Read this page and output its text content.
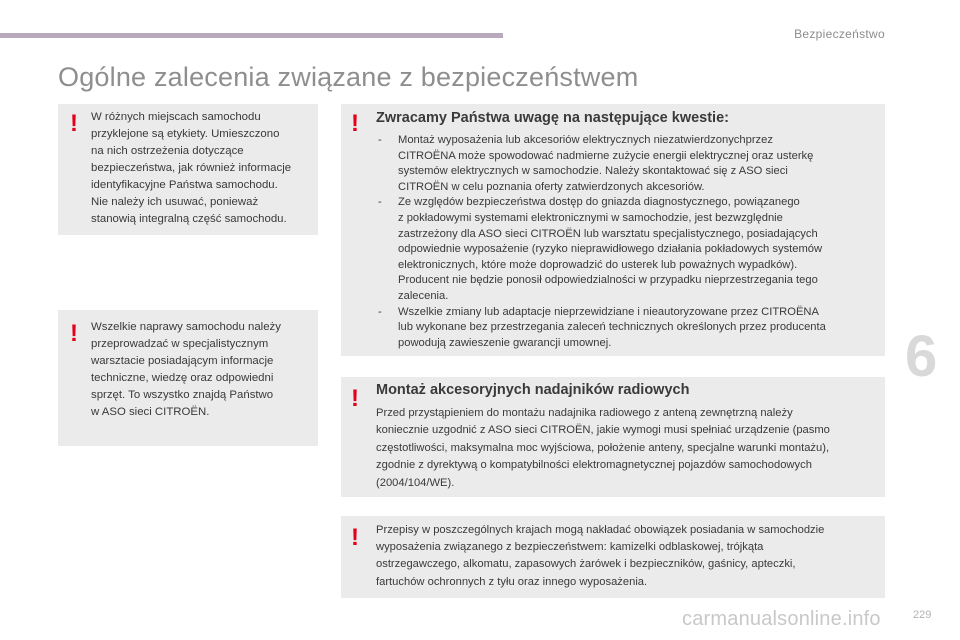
Bezpieczeństwo
Ogólne zalecenia związane z bezpieczeństwem
! W różnych miejscach samochodu
przyklejone są etykiety. Umieszczono
na nich ostrzeżenia dotyczące
bezpieczeństwa, jak również informacje
identyfikacyjne Państwa samochodu.
Nie należy ich usuwać, ponieważ
stanowią integralną część samochodu.
! Wszelkie naprawy samochodu należy
przeprowadzać w specjalistycznym
warsztacie posiadającym informacje
techniczne, wiedzę oraz odpowiedni
sprzęt. To wszystko znajdą Państwo
w ASO sieci CITROËN.
! Zwracamy Państwa uwagę na następujące kwestie:
- Montaż wyposażenia lub akcesoriów elektrycznych niezatwierdzonychprzez
CITROËNA może spowodować nadmierne zużycie energii elektrycznej oraz usterkę
systemów elektrycznych w samochodzie. Należy skontaktować się z ASO sieci
CITROËN w celu poznania oferty zatwierdzonych akcesoriów.
- Ze względów bezpieczeństwa dostęp do gniazda diagnostycznego, powiązanego
z pokładowymi systemami elektronicznymi w samochodzie, jest bezwzględnie
zastrzeżony dla ASO sieci CITROËN lub warsztatu specjalistycznego, posiadających
odpowiednie wyposażenie (ryzyko nieprawidłowego działania pokładowych systemów
elektronicznych, które może doprowadzić do usterek lub poważnych wypadków).
Producent nie będzie ponosił odpowiedzialności w przypadku nieprzestrzegania tego
zalecenia.
- Wszelkie zmiany lub adaptacje nieprzewidziane i nieautoryzowane przez CITROËNA
lub wykonane bez przestrzegania zaleceń technicznych określonych przez producenta
powodują zawieszenie gwarancji umownej.
! Montaż akcesoryjnych nadajników radiowych
Przed przystąpieniem do montażu nadajnika radiowego z anteną zewnętrzną należy
koniecznie uzgodnić z ASO sieci CITROËN, jakie wymogi musi spełniać urządzenie (pasmo
częstotliwości, maksymalna moc wyjściowa, położenie anteny, specjalne warunki montażu),
zgodnie z dyrektywą o kompatybilności elektromagnetycznej pojazdów samochodowych
(2004/104/WE).
! Przepisy w poszczególnych krajach mogą nakładać obowiązek posiadania w samochodzie
wyposażenia związanego z bezpieczeństwem: kamizelki odblaskowej, trójkąta
ostrzegawczego, alkomatu, zapasowych żarówek i bezpieczników, gaśnicy, apteczki,
fartuchów ochronnych z tyłu oraz innego wyposażenia.
6
229
carmanualsonline.info
